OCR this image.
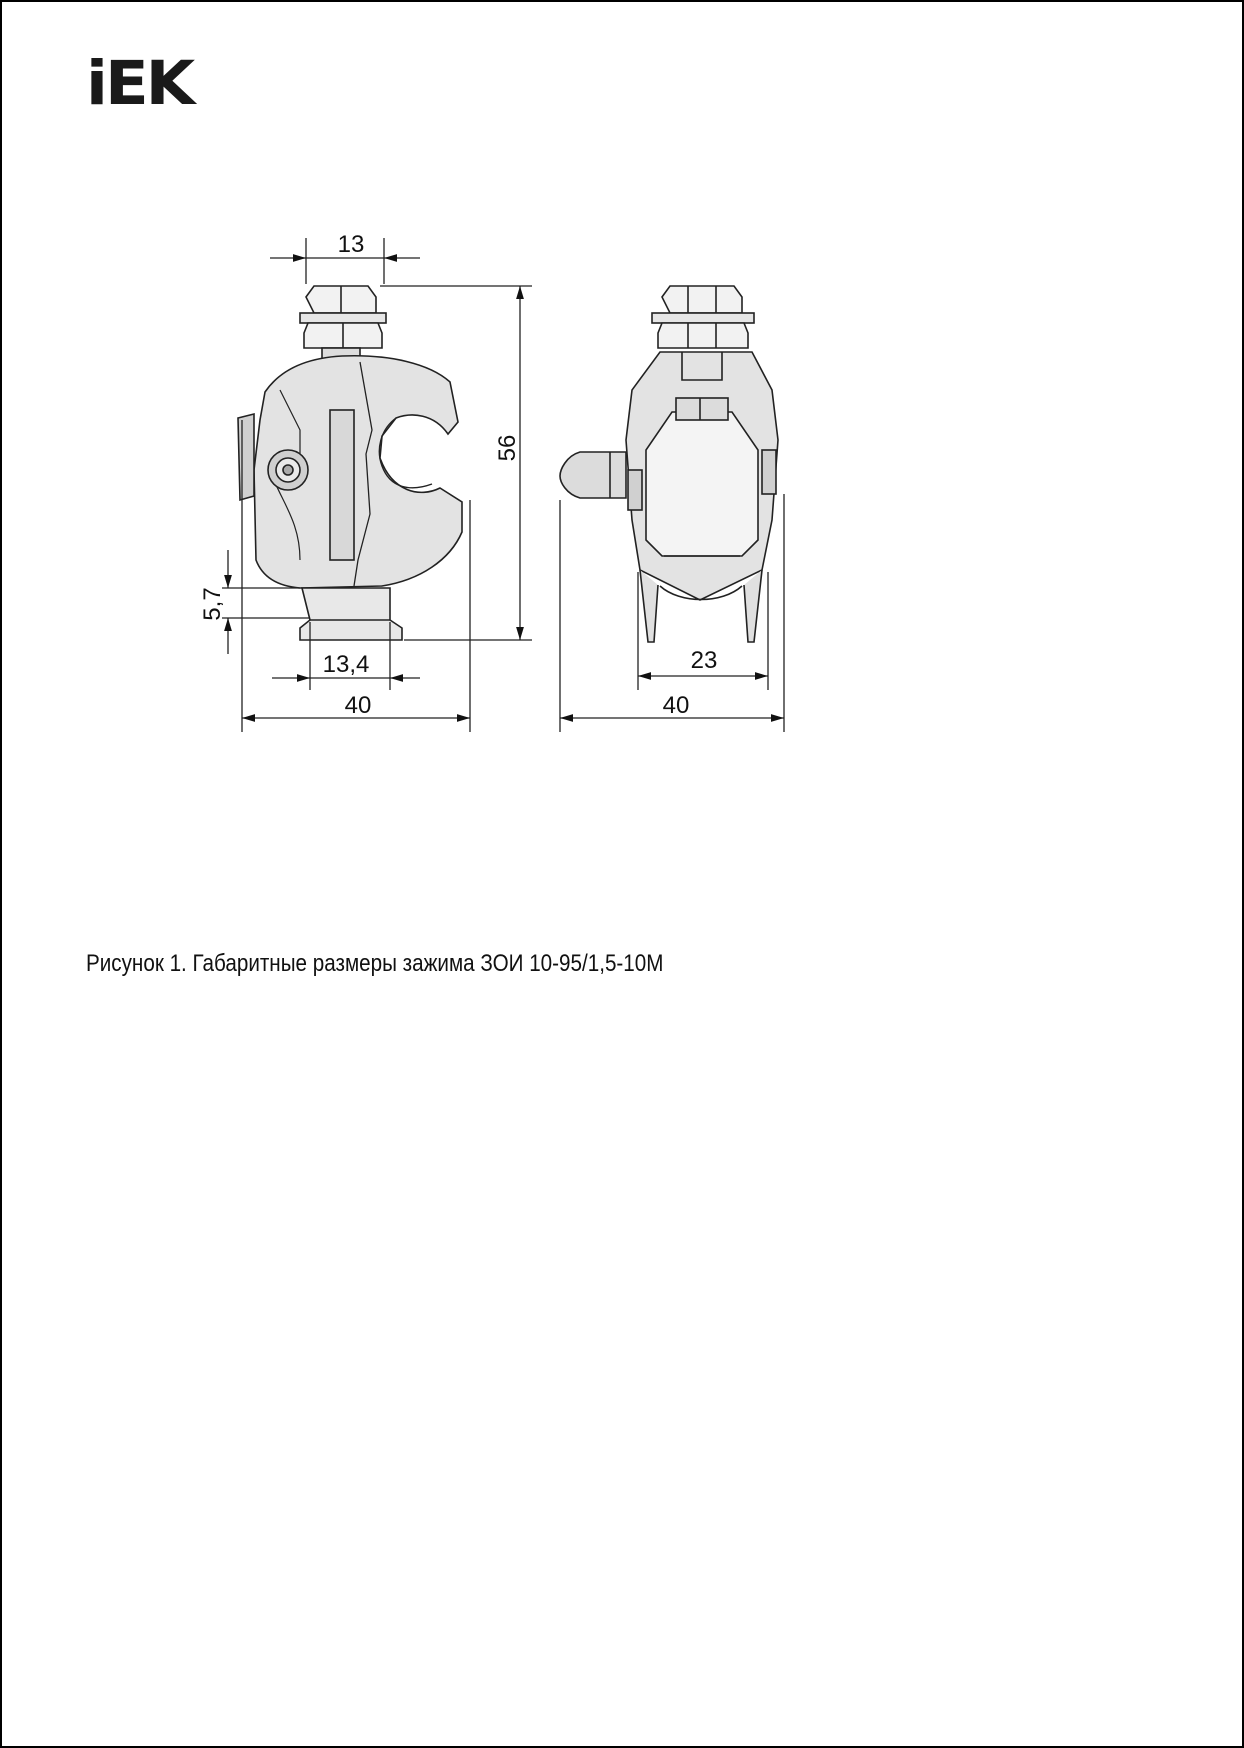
iEK
13
56
5,7
13,4
40
23
40
Рисунок 1. Габаритные размеры зажима ЗОИ 10-95/1,5-10М
